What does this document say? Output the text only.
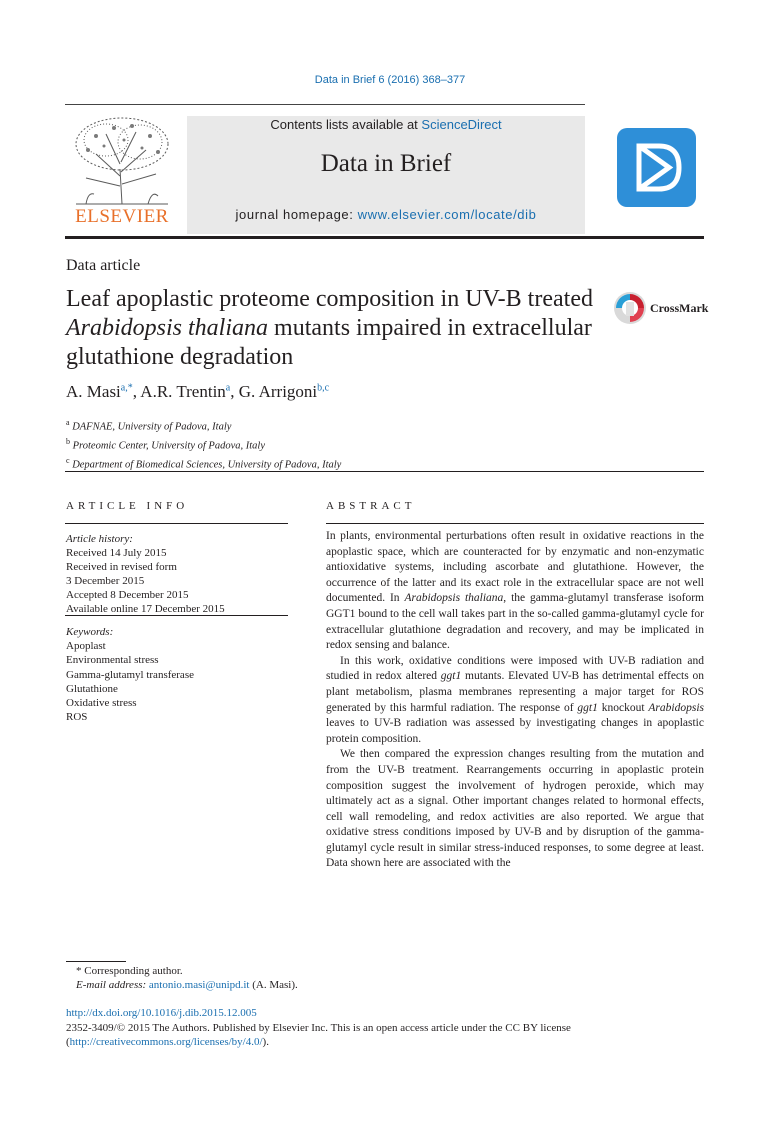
Data in Brief 6 (2016) 368–377
ELSEVIER
Contents lists available at ScienceDirect
Data in Brief
journal homepage: www.elsevier.com/locate/dib
Data article
Leaf apoplastic proteome composition in UV-B treated Arabidopsis thaliana mutants impaired in extracellular glutathione degradation
CrossMark
A. Masi$^{a,*}$, A.R. Trentin$^a$, G. Arrigoni$^{b,c}$
$^a$ DAFNAE, University of Padova, Italy
$^b$ Proteomic Center, University of Padova, Italy
$^c$ Department of Biomedical Sciences, University of Padova, Italy
ARTICLE INFO
Article history:
Received 14 July 2015
Received in revised form
3 December 2015
Accepted 8 December 2015
Available online 17 December 2015
Keywords:
Apoplast
Environmental stress
Gamma-glutamyl transferase
Glutathione
Oxidative stress
ROS
ABSTRACT

In plants, environmental perturbations often result in oxidative reactions in the apoplastic space, which are counteracted for by enzymatic and non-enzymatic antioxidative systems, including ascorbate and glutathione. However, the occurrence of the latter and its exact role in the extracellular space are not well documented. In Arabidopsis thaliana, the gamma-glutamyl transferase isoform GGT1 bound to the cell wall takes part in the so-called gamma-glutamyl cycle for extracellular glutathione degradation and recovery, and may be implicated in redox sensing and balance.

In this work, oxidative conditions were imposed with UV-B radiation and studied in redox altered ggt1 mutants. Elevated UV-B has detrimental effects on plant metabolism, plasma membranes representing a major target for ROS generated by this harmful radiation. The response of ggt1 knockout Arabidopsis leaves to UV-B radiation was assessed by investigating changes in apoplastic protein composition.

We then compared the expression changes resulting from the mutation and from the UV-B treatment. Rearrangements occurring in apoplastic protein composition suggest the involvement of hydrogen peroxide, which may ultimately act as a signal. Other important changes related to hormonal effects, cell wall remodeling, and redox activities are also reported. We argue that oxidative stress conditions imposed by UV-B and by disruption of the gamma-glutamyl cycle result in similar stress-induced responses, to some degree at least. Data shown here are associated with the

* Corresponding author.
E-mail address: antonio.masi@unipd.it (A. Masi).
http://dx.doi.org/10.1016/j.dib.2015.12.005
2352-3409/© 2015 The Authors. Published by Elsevier Inc. This is an open access article under the CC BY license
(http://creativecommons.org/licenses/by/4.0/).
